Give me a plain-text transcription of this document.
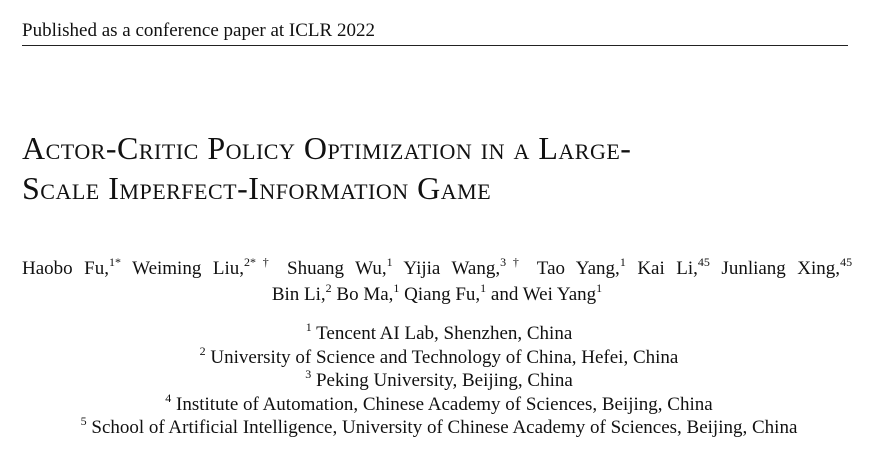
Published as a conference paper at ICLR 2022
Actor-Critic Policy Optimization in a Large-
Scale Imperfect-Information Game
Haobo Fu,$^{1*}$ Weiming Liu,$^{2*\dagger}$ Shuang Wu,$^1$ Yijia Wang,$^{3\dagger}$ Tao Yang,$^1$ Kai Li,$^{45}$ Junliang Xing,$^{45}$
Bin Li,$^2$ Bo Ma,$^1$ Qiang Fu,$^1$ and Wei Yang$^1$
$^1$ Tencent AI Lab, Shenzhen, China
$^2$ University of Science and Technology of China, Hefei, China
$^3$ Peking University, Beijing, China
$^4$ Institute of Automation, Chinese Academy of Sciences, Beijing, China
$^5$ School of Artificial Intelligence, University of Chinese Academy of Sciences, Beijing, China
